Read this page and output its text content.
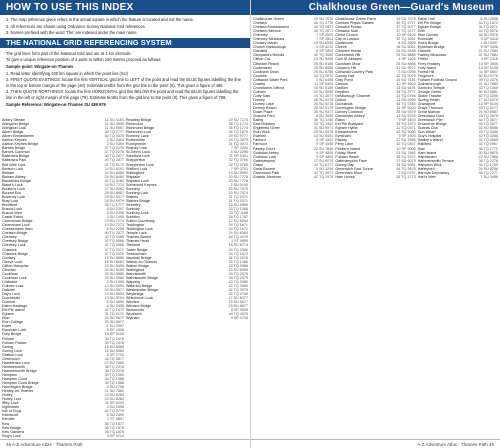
HOW TO USE THIS INDEX

1. The map reference given refers to the actual square in which the feature is located and not the name.

2. All references are shown using Ordnance Survey National Grid references.

3. Names prefixed with the word 'The' are indexed under the main name.

THE NATIONAL GRID REFERENCING SYSTEM

The grid lines form part of the National Grid and are at 1 km intervals.

To give a unique reference position of a point to within 100 metres proceed as follows:

Sample point: Wingate-on-Thames

1. Read letter identifying 100 km square in which the point lies (SU)

2. FIRST QUOTE EASTINGS: locate the first VERTICAL grid line to LEFT of the point and read the BLUE figures labelling the line in the top or bottom margin of the page (48). Estimate tenths from the grid line to the point (6). This gives a figure of 486.

3. THEN QUOTE NORTHINGS: locate the first HORIZONTAL grid line BELOW the point and read the BLUE figures labelling the line in the left or right margin of the page (79). Estimate tenths from the grid line to the point (9). This gives a figure of 799.

Sample Reference: Wingate-on-Thames SU 486 979

Abbey Stream	11 SU 4161
Abingdon Bridge	11 SU 4996
Abingdon Lock	11 SU 5097
Albert Bridge	40 TQ 2777
Albert Embankment	42 TQ 3078
Ashton Keynes	2 SU 0494
Ashton Keynes Bridge	2 SU 0394
Barnes Bridge	37 TQ 2176
Barnes Common	37 TQ 2276
Battersea Bridge	40 TQ 2677
Battersea Park	40 TQ 2877
Bell Weir Lock	31 TQ 0172
Benson Lock	14 SU 6191
Bisham	24 SU 8485
Bisham Abbey	24 SU 8484
Blackfriars Bridge	42 TQ 3180
Blake's Lock	19 SU 7273
Boulter's Lock	27 SU 9082
Bourne End	25 SU 8987
Boveney Lock	29 SU 9477
Bray Lock	28 SU 9079
Brentford	36 TQ 1777
Buscot Lock	5 SU 2397
Buscot Weir	5 SU 2398
Castle Eaton	3 SU 1495
Caversham Bridge	19 SU 7174
Caversham Lock	19 SU 7273
Cheesemans Ham	5 SU 2298
Chelsea Bridge	40 TQ 2877
Chertsey	32 TQ 0466
Chertsey Bridge	32 TQ 0566
Chertsey Lock	32 TQ 0566
Chiswick	37 TQ 2077
Chiswick Bridge	37 TQ 2076
Cholsey	15 SU 5886
Cleeve Lock	16 SU 6081
Clifton Hampden	13 SU 5495
Cliveden	26 SU 9185
Cookham	25 SU 8985
Cookham Lock	26 SU 9086
Cricklade	3 SU 1093
Culham Lock	12 SU 5094
Datchet	30 SU 9877
Day's Lock	13 SU 5693
Dorchester	13 SU 5794
Duxford	8 SU 3699
Eaton Hastings	6 SU 2598
Eel Pie Island	34 TQ 1673
Egham	31 TQ 0171
Eton	29 SU 9677
Eton College	29 SU 9677
Ewen	1 SU 0097
Eynsham Lock	9 SP 4408
Folly Bridge	10 SP 5105
Fulham	39 TQ 2476
Fulham Palace	39 TQ 2476
Goring	16 SU 5980
Goring Lock	16 SU 5980
Grafton Lock	6 SP 2700
Greenwich	44 TQ 3877
Hambleden Lock	22 SU 7885
Hammersmith	38 TQ 2378
Hammersmith Bridge	38 TQ 2278
Hampton	33 TQ 1369
Hampton Court	34 TQ 1568
Hampton Court Bridge	34 TQ 1568
Hannington Bridge	4 SU 1796
Henley-on-Thames	21 SU 7682
Hurley	23 SU 8283
Hurley Lock	23 SU 8284
Iffley Lock	11 SP 5203
Inglesham	4 SU 2098
Isle of Dogs	44 TQ 3779
Kelmscott	5 SU 2499
Kemble	1 ST 9897
Kew	36 TQ 1877
Kew Bridge	36 TQ 1878
Kew Gardens	36 TQ 1876
King's Lock	9 SP 4710
Reading Bridge	19 SU 7174
Richmond	35 TQ 1774
Richmond Bridge	35 TQ 1774
Richmond Lock	36 TQ 1675
Romney Lock	29 SU 9777
Rotherhithe	43 TQ 3579
Runnymede	31 TQ 0072
Rushey Lock	7 SP 3200
St John's Lock	4 SU 2298
Sandford Lock	11 SP 5301
Shepperton	32 TQ 0766
Shepperton Lock	32 TQ 0765
Shifford Lock	7 SP 3701
Shillingford	14 SU 5992
Shiplake	20 SU 7778
Shiplake Lock	20 SU 7778
Somerford Keynes	2 SU 0195
Sonning	20 SU 7575
Sonning Lock	20 SU 7574
Staines	31 TQ 0371
Staines Bridge	31 TQ 0371
Streatley	16 SU 5980
Sunbury	33 TQ 1068
Sunbury Lock	33 TQ 1168
Surbiton	34 TQ 1767
Sutton Courtenay	12 SU 5094
Teddington	34 TQ 1671
Teddington Lock	34 TQ 1671
Temple Lock	24 SU 8384
Thames Barrier	44 TQ 4179
Thames Head	1 ST 9899
Tilehurst	18 SU 6774
Tower Bridge	43 TQ 3380
Twickenham	34 TQ 1673
Vauxhall Bridge	41 TQ 3078
Walton-on-Thames	33 TQ 1066
Walton Bridge	33 TQ 0966
Wallingford	15 SU 6089
Wandsworth	39 TQ 2575
Wandsworth Bridge	39 TQ 2575
Wapping	43 TQ 3480
Waterloo Bridge	42 TQ 3080
Westminster Bridge	42 TQ 3079
Weybridge	32 TQ 0765
Whitchurch Lock	17 SU 6377
Windsor	29 SU 9677
Windsor Bridge	29 SU 9677
Wolvercote	9 SP 4909
Woolwich	44 TQ 4379
Wytham	9 SP 4708
46 A-Z Adventure Atlas - Thames Path
Chalkhouse Green—Guard's Museum
Chalkhouse Green	19 SU 7078
Chelsea	40 TQ 2778
Chelsea Embankment	40 TQ 2877
Chelsea Harbour	40 TQ 2677
Chimney	7 SP 3500
Chimney Meadows	7 SP 3501
Cholsey Marsh	15 SU 6085
Church Hanborough	9 SP 4212
Clanfield	6 SP 2802
Cleopatra's Needle	42 TQ 3080
Clifton Cut	13 SU 5495
Cliveden Reach	26 SU 9185
Cockmarsh	25 SU 8886
Cookham Dean	25 SU 8785
Coombe	34 TQ 2070
Cotswold Water Park	2 SU 0495
Cowley	11 SP 5404
Crowmarsh Gifford	15 SU 6189
Culham	12 SU 5095
Cutty Sark	44 TQ 3877
Dorney	28 SU 9278
Dorney Lake	28 SU 9278
Dorney Reach	28 SU 9179
Down Place	28 SU 9377
Duxford Ford	8 SU 3699
Ealing	36 TQ 1780
East Molesey	33 TQ 1467
Englefield Green	31 SU 9971
Eton Wick	29 SU 9478
Ewelme	14 SU 6491
Fairford	4 SP 1501
Farmoor	9 SP 4506
Fawley Court	22 SU 7684
Godstow Abbey	9 SP 4809
Godstow Lock	9 SP 4809
Gatehampton	17 SU 6079
Grays	44 TQ 6177
Great Bourne	3 SU 1294
Greenwich Park	44 TQ 3977
Guards' Museum	42 TQ 2979
Chalkhouse Green Farm	19 SU 7078
Chelsea Physic Garden	40 TQ 2777
Chiswick House	37 TQ 2077
Chiswick Mall	37 TQ 2177
Christ Church	10 SP 5105
City of London	42 TQ 3281
Clattercote	6 SU 2699
Cleeve	16 SU 6081
Cliveden House	26 SU 9185
Cockmarsh Hill	25 SU 8886
Coln St Aldwyns	4 SP 1405
Cookham Moor	25 SU 8985
Cooper's Hill	31 SU 9972
Cotswold Country Park	2 SU 0295
County Hall	42 TQ 3079
Cray Pond	19 SU 7181
Cumnor	10 SP 4604
Dadford	14 SU 6191
Deptford	44 TQ 3777
Desborough Channel	32 TQ 0766
Didcot	13 SU 5290
Docklands	44 TQ 3780
Donnington Bridge	11 SP 5204
Dorney Common	28 SU 9379
Dorchester Abbey	13 SU 5794
Eaton	9 SP 4403
Eel Pie Boatyard	34 TQ 1673
Egham Hythe	31 TQ 0371
Embankment	42 TQ 3080
Eynsham	9 SP 4309
Fawley	22 SU 7586
Ferry Lane	32 TQ 0467
Fiddler's Island	10 SP 5006
Friday Street	21 SU 7682
Fulham Reach	38 TQ 2377
Gatehampton Farm	17 SU 6079
Goring Gap	16 SU 5981
Greenwich Foot Tunnel	44 TQ 3878
Greenham Moor	2 SU 0797
Ham House	35 TQ 1773
Eaton Hall	6 SU 2598
Eel Pie Bridge	34 TQ 1673
Egham Bridge	31 TQ 0271
Erith	44 TQ 5078
Eton Dorney	28 SU 9378
Evenlode	9 SP 4410
Ewen Bridge	1 SU 0097
Eynsham Bridge	9 SP 4308
Fairmile	21 SU 7584
Fawley Meadows	22 SU 7684
Fifield	4 SP 2318
Ferry Hinksey	10 SP 4905
Folly Island	10 SP 5105
Forest Hill	11 SP 5807
Frogmore	30 SU 9776
Fulham Football Ground	39 TQ 2376
Gainsborough	21 SU 7683
Garrick's Temple	33 TQ 1369
George Green	30 SU 9881
Globe Theatre	42 TQ 3280
Goring Heath	17 SU 6579
Grandpont	10 SP 5105
Grays Thurrock	44 TQ 6177
Great Marlow	24 SU 8587
Greenland Dock	43 TQ 3679
Greenwich Pier	44 TQ 3877
Grosvenor Bridge	40 TQ 2877
Guards Club	24 SU 8586
Gun Wharf	43 TQ 3480
Guy's Hospital	42 TQ 3280
Hadley's Island	32 TQ 0665
Halliford	33 TQ 0967
Ham	35 TQ 1772
Ham Island	30 SU 9875
Hambleden	22 SU 7886
Hammersmith Terrace	38 TQ 2278
Hampton Wick	34 TQ 1769
Harleyford	24 SU 8286
Harrods Depository	38 TQ 2277
Hart's Weir	7 SU 3499
A-Z Adventure Atlas - Thames Path 49
